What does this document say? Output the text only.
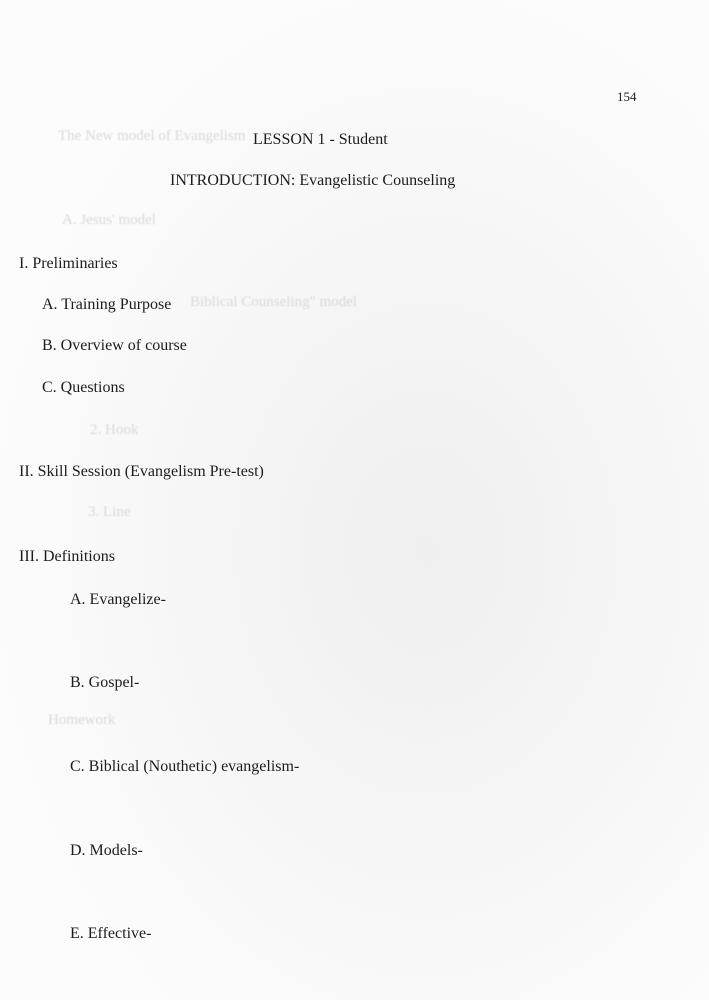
The New model of Evangelism
A. Jesus' model
Biblical Counseling" model
2. Hook
3. Line
Homework
154
LESSON 1 - Student
INTRODUCTION: Evangelistic Counseling
I. Preliminaries
A. Training Purpose
B. Overview of course
C. Questions
II. Skill Session (Evangelism Pre-test)
III. Definitions
A. Evangelize-
B. Gospel-
C. Biblical (Nouthetic) evangelism-
D. Models-
E. Effective-
